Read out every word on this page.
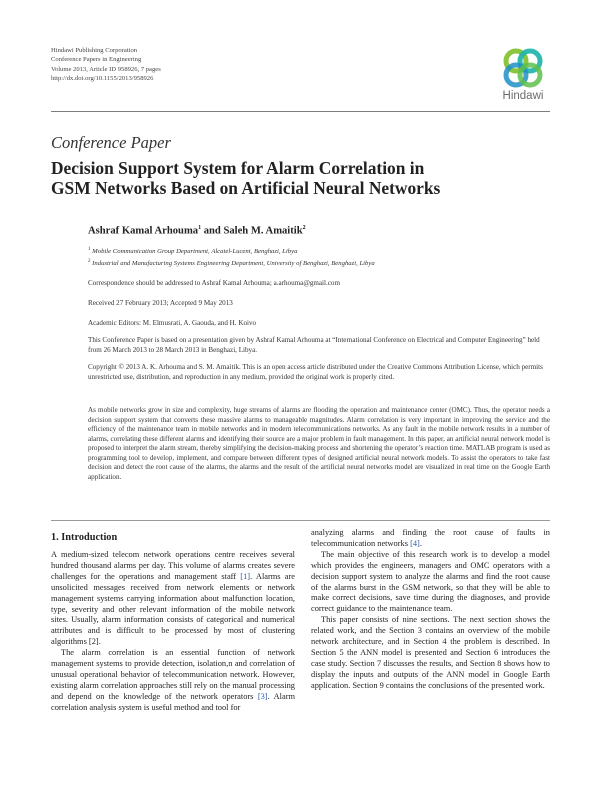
Hindawi Publishing Corporation
Conference Papers in Engineering
Volume 2013, Article ID 958926, 7 pages
http://dx.doi.org/10.1155/2013/958926
Hindawi
Conference Paper
Decision Support System for Alarm Correlation in
GSM Networks Based on Artificial Neural Networks
Ashraf Kamal Arhouma$^1$ and Saleh M. Amaitik$^2$
$^1$ Mobile Communication Group Department, Alcatel-Lucent, Benghazi, Libya
$^2$ Industrial and Manufacturing Systems Engineering Department, University of Benghazi, Benghazi, Libya
Correspondence should be addressed to Ashraf Kamal Arhouma; a.arhouma@gmail.com
Received 27 February 2013; Accepted 9 May 2013
Academic Editors: M. Elmusrati, A. Gaouda, and H. Koivo
This Conference Paper is based on a presentation given by Ashraf Kamal Arhouma at “International Conference on Electrical and Computer Engineering” held from 26 March 2013 to 28 March 2013 in Benghazi, Libya.
Copyright © 2013 A. K. Arhouma and S. M. Amaitik. This is an open access article distributed under the Creative Commons Attribution License, which permits unrestricted use, distribution, and reproduction in any medium, provided the original work is properly cited.
As mobile networks grow in size and complexity, huge streams of alarms are flooding the operation and maintenance center (OMC). Thus, the operator needs a decision support system that converts these massive alarms to manageable magnitudes. Alarm correlation is very important in improving the service and the efficiency of the maintenance team in mobile networks and in modern telecommunications networks. As any fault in the mobile network results in a number of alarms, correlating these different alarms and identifying their source are a major problem in fault management. In this paper, an artificial neural network model is proposed to interpret the alarm stream, thereby simplifying the decision-making process and shortening the operator’s reaction time. MATLAB program is used as programming tool to develop, implement, and compare between different types of designed artificial neural network models. To assist the operators to take fast decision and detect the root cause of the alarms, the alarms and the result of the artificial neural networks model are visualized in real time on the Google Earth application.
1. Introduction

A medium-sized telecom network operations centre receives several hundred thousand alarms per day. This volume of alarms creates severe challenges for the operations and management staff [1]. Alarms are unsolicited messages received from network elements or network management systems carrying information about malfunction location, type, severity and other relevant information of the mobile network sites. Usually, alarm information consists of categorical and numerical attributes and is difficult to be processed by most of clustering algorithms [2].

The alarm correlation is an essential function of network management systems to provide detection, isolation,n and correlation of unusual operational behavior of telecommunication network. However, existing alarm correlation approaches still rely on the manual processing and depend on the knowledge of the network operators [3]. Alarm correlation analysis system is useful method and tool for

analyzing alarms and finding the root cause of faults in telecommunication networks [4].

The main objective of this research work is to develop a model which provides the engineers, managers and OMC operators with a decision support system to analyze the alarms and find the root cause of the alarms burst in the GSM network, so that they will be able to make correct decisions, save time during the diagnoses, and provide correct guidance to the maintenance team.

This paper consists of nine sections. The next section shows the related work, and the Section 3 contains an overview of the mobile network architecture, and in Section 4 the problem is described. In Section 5 the ANN model is presented and Section 6 introduces the case study. Section 7 discusses the results, and Section 8 shows how to display the inputs and outputs of the ANN model in Google Earth application. Section 9 contains the conclusions of the presented work.
